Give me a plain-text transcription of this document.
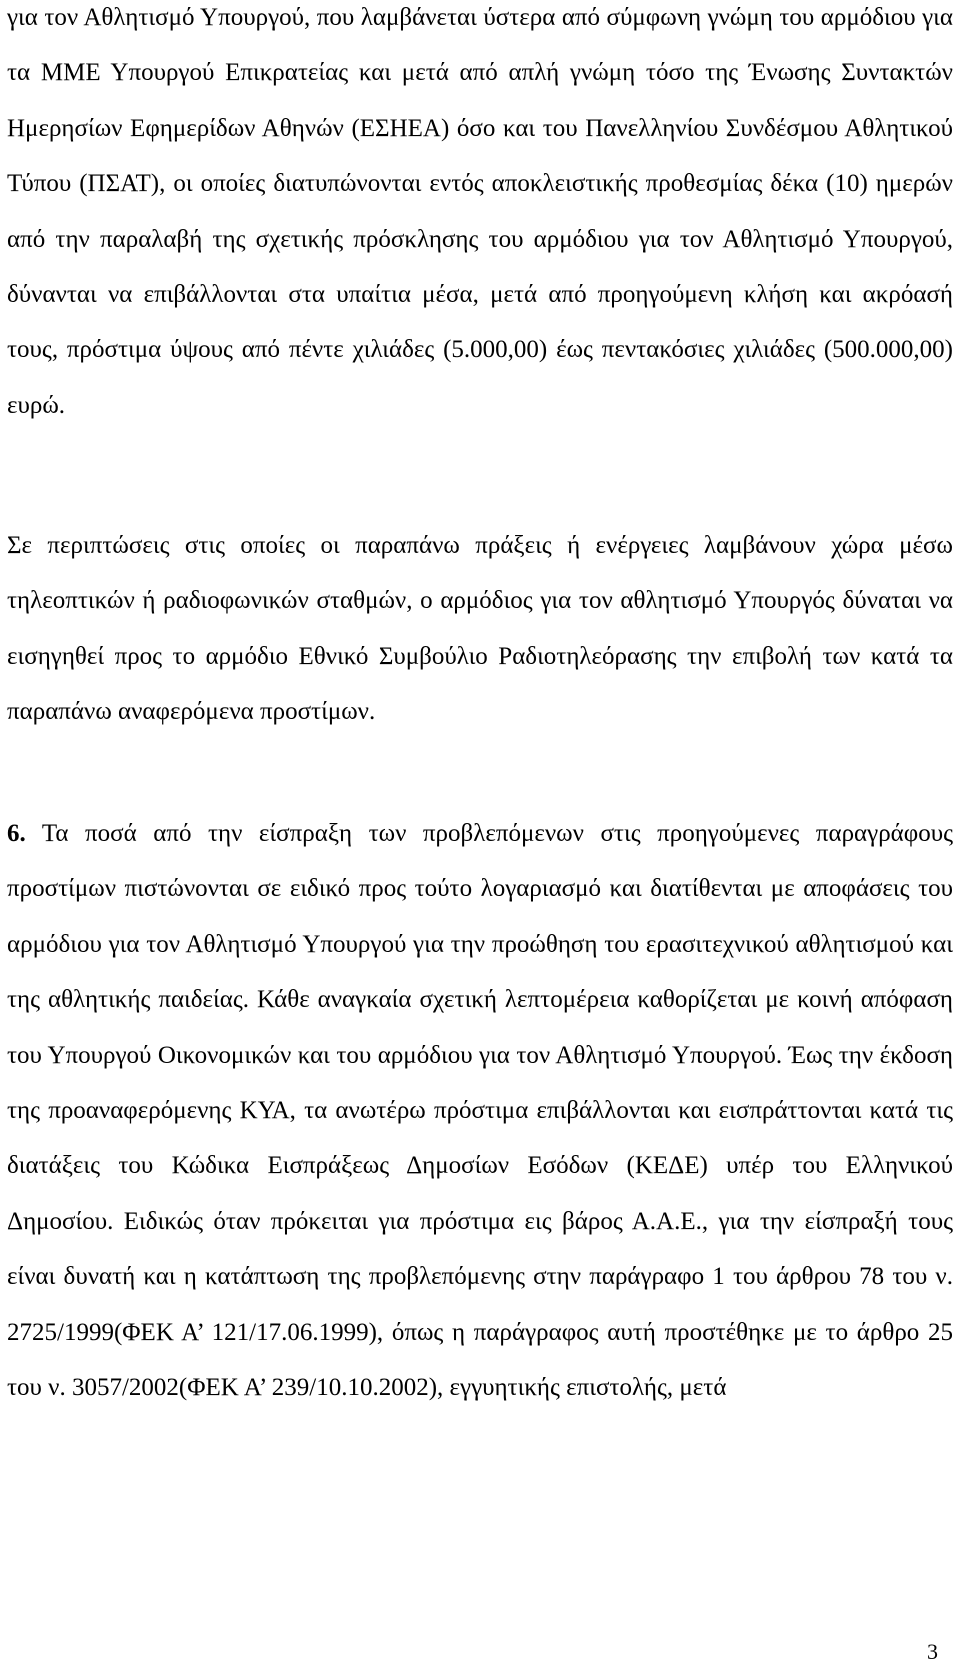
για τον Αθλητισμό Υπουργού, που λαμβάνεται ύστερα από σύμφωνη γνώμη του αρμόδιου για τα ΜΜΕ Υπουργού Επικρατείας και μετά από απλή γνώμη τόσο της Ένωσης Συντακτών Ημερησίων Εφημερίδων Αθηνών (ΕΣΗΕΑ) όσο και του Πανελληνίου Συνδέσμου Αθλητικού Τύπου (ΠΣΑΤ), οι οποίες διατυπώνονται εντός αποκλειστικής προθεσμίας δέκα (10) ημερών από την παραλαβή της σχετικής πρόσκλησης του αρμόδιου για τον Αθλητισμό Υπουργού, δύνανται να επιβάλλονται στα υπαίτια μέσα, μετά από προηγούμενη κλήση και ακρόασή τους, πρόστιμα ύψους από πέντε χιλιάδες (5.000,00) έως πεντακόσιες χιλιάδες (500.000,00) ευρώ.

Σε περιπτώσεις στις οποίες οι παραπάνω πράξεις ή ενέργειες λαμβάνουν χώρα μέσω τηλεοπτικών ή ραδιοφωνικών σταθμών, ο αρμόδιος για τον αθλητισμό Υπουργός δύναται να εισηγηθεί προς το αρμόδιο Εθνικό Συμβούλιο Ραδιοτηλεόρασης την επιβολή των κατά τα παραπάνω αναφερόμενα προστίμων.

6. Τα ποσά από την είσπραξη των προβλεπόμενων στις προηγούμενες παραγράφους προστίμων πιστώνονται σε ειδικό προς τούτο λογαριασμό και διατίθενται με αποφάσεις του αρμόδιου για τον Αθλητισμό Υπουργού για την προώθηση του ερασιτεχνικού αθλητισμού και της αθλητικής παιδείας. Κάθε αναγκαία σχετική λεπτομέρεια καθορίζεται με κοινή απόφαση του Υπουργού Οικονομικών και του αρμόδιου για τον Αθλητισμό Υπουργού. Έως την έκδοση της προαναφερόμενης ΚΥΑ, τα ανωτέρω πρόστιμα επιβάλλονται και εισπράττονται κατά τις διατάξεις του Κώδικα Εισπράξεως Δημοσίων Εσόδων (ΚΕΔΕ) υπέρ του Ελληνικού Δημοσίου. Ειδικώς όταν πρόκειται για πρόστιμα εις βάρος Α.Α.Ε., για την είσπραξή τους είναι δυνατή και η κατάπτωση της προβλεπόμενης στην παράγραφο 1 του άρθρου 78 του ν. 2725/1999(ΦΕΚ Α’ 121/17.06.1999), όπως η παράγραφος αυτή προστέθηκε με το άρθρο 25 του ν. 3057/2002(ΦΕΚ Α’ 239/10.10.2002), εγγυητικής επιστολής, μετά

3
